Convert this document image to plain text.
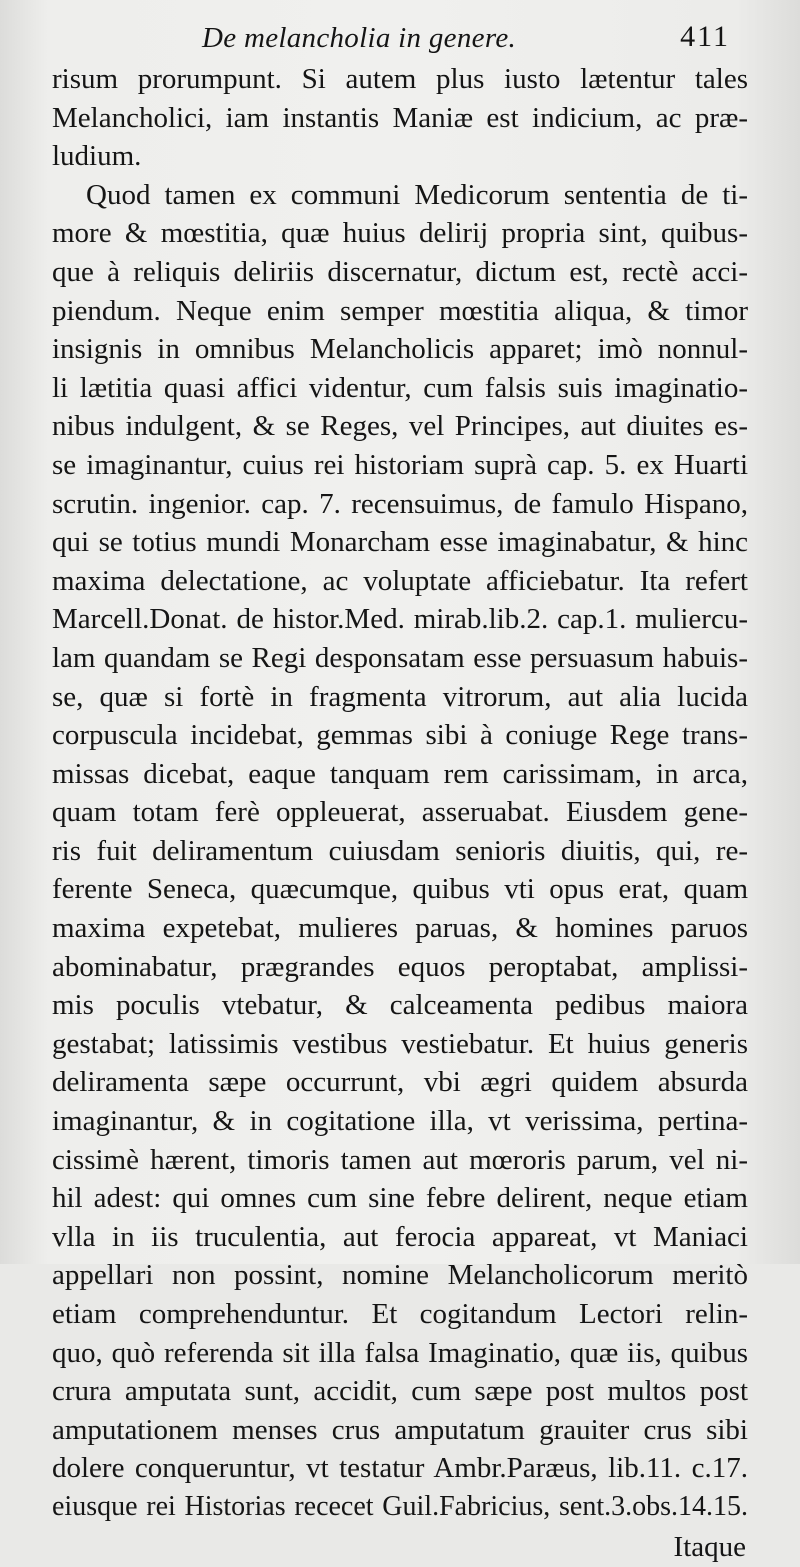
De melancholia in genere.	411
risum prorumpunt. Si autem plus iusto lætentur tales
Melancholici, iam instantis Maniæ est indicium, ac præ-
ludium.
Quod tamen ex communi Medicorum sententia de ti-
more & mœstitia, quæ huius delirij propria sint, quibus-
que à reliquis deliriis discernatur, dictum est, rectè acci-
piendum. Neque enim semper mœstitia aliqua, & timor
insignis in omnibus Melancholicis apparet; imò nonnul-
li lætitia quasi affici videntur, cum falsis suis imaginatio-
nibus indulgent, & se Reges, vel Principes, aut diuites es-
se imaginantur, cuius rei historiam suprà cap. 5. ex Huarti
scrutin. ingenior. cap. 7. recensuimus, de famulo Hispano,
qui se totius mundi Monarcham esse imaginabatur, & hinc
maxima delectatione, ac voluptate afficiebatur. Ita refert
Marcell.Donat. de histor.Med. mirab.lib.2. cap.1. muliercu-
lam quandam se Regi desponsatam esse persuasum habuis-
se, quæ si fortè in fragmenta vitrorum, aut alia lucida
corpuscula incidebat, gemmas sibi à coniuge Rege trans-
missas dicebat, eaque tanquam rem carissimam, in arca,
quam totam ferè oppleuerat, asseruabat. Eiusdem gene-
ris fuit deliramentum cuiusdam senioris diuitis, qui, re-
ferente Seneca, quæcumque, quibus vti opus erat, quam
maxima expetebat, mulieres paruas, & homines paruos
abominabatur, prægrandes equos peroptabat, amplissi-
mis poculis vtebatur, & calceamenta pedibus maiora
gestabat; latissimis vestibus vestiebatur. Et huius generis
deliramenta sæpe occurrunt, vbi ægri quidem absurda
imaginantur, & in cogitatione illa, vt verissima, pertina-
cissimè hærent, timoris tamen aut mœroris parum, vel ni-
hil adest: qui omnes cum sine febre delirent, neque etiam
vlla in iis truculentia, aut ferocia appareat, vt Maniaci
appellari non possint, nomine Melancholicorum meritò
etiam comprehenduntur. Et cogitandum Lectori relin-
quo, quò referenda sit illa falsa Imaginatio, quæ iis, quibus
crura amputata sunt, accidit, cum sæpe post multos post
amputationem menses crus amputatum grauiter crus sibi
dolere conqueruntur, vt testatur Ambr.Paræus, lib.11. c.17.
eiusque rei Historias rececet Guil.Fabricius, sent.3.obs.14.15.
Itaque
